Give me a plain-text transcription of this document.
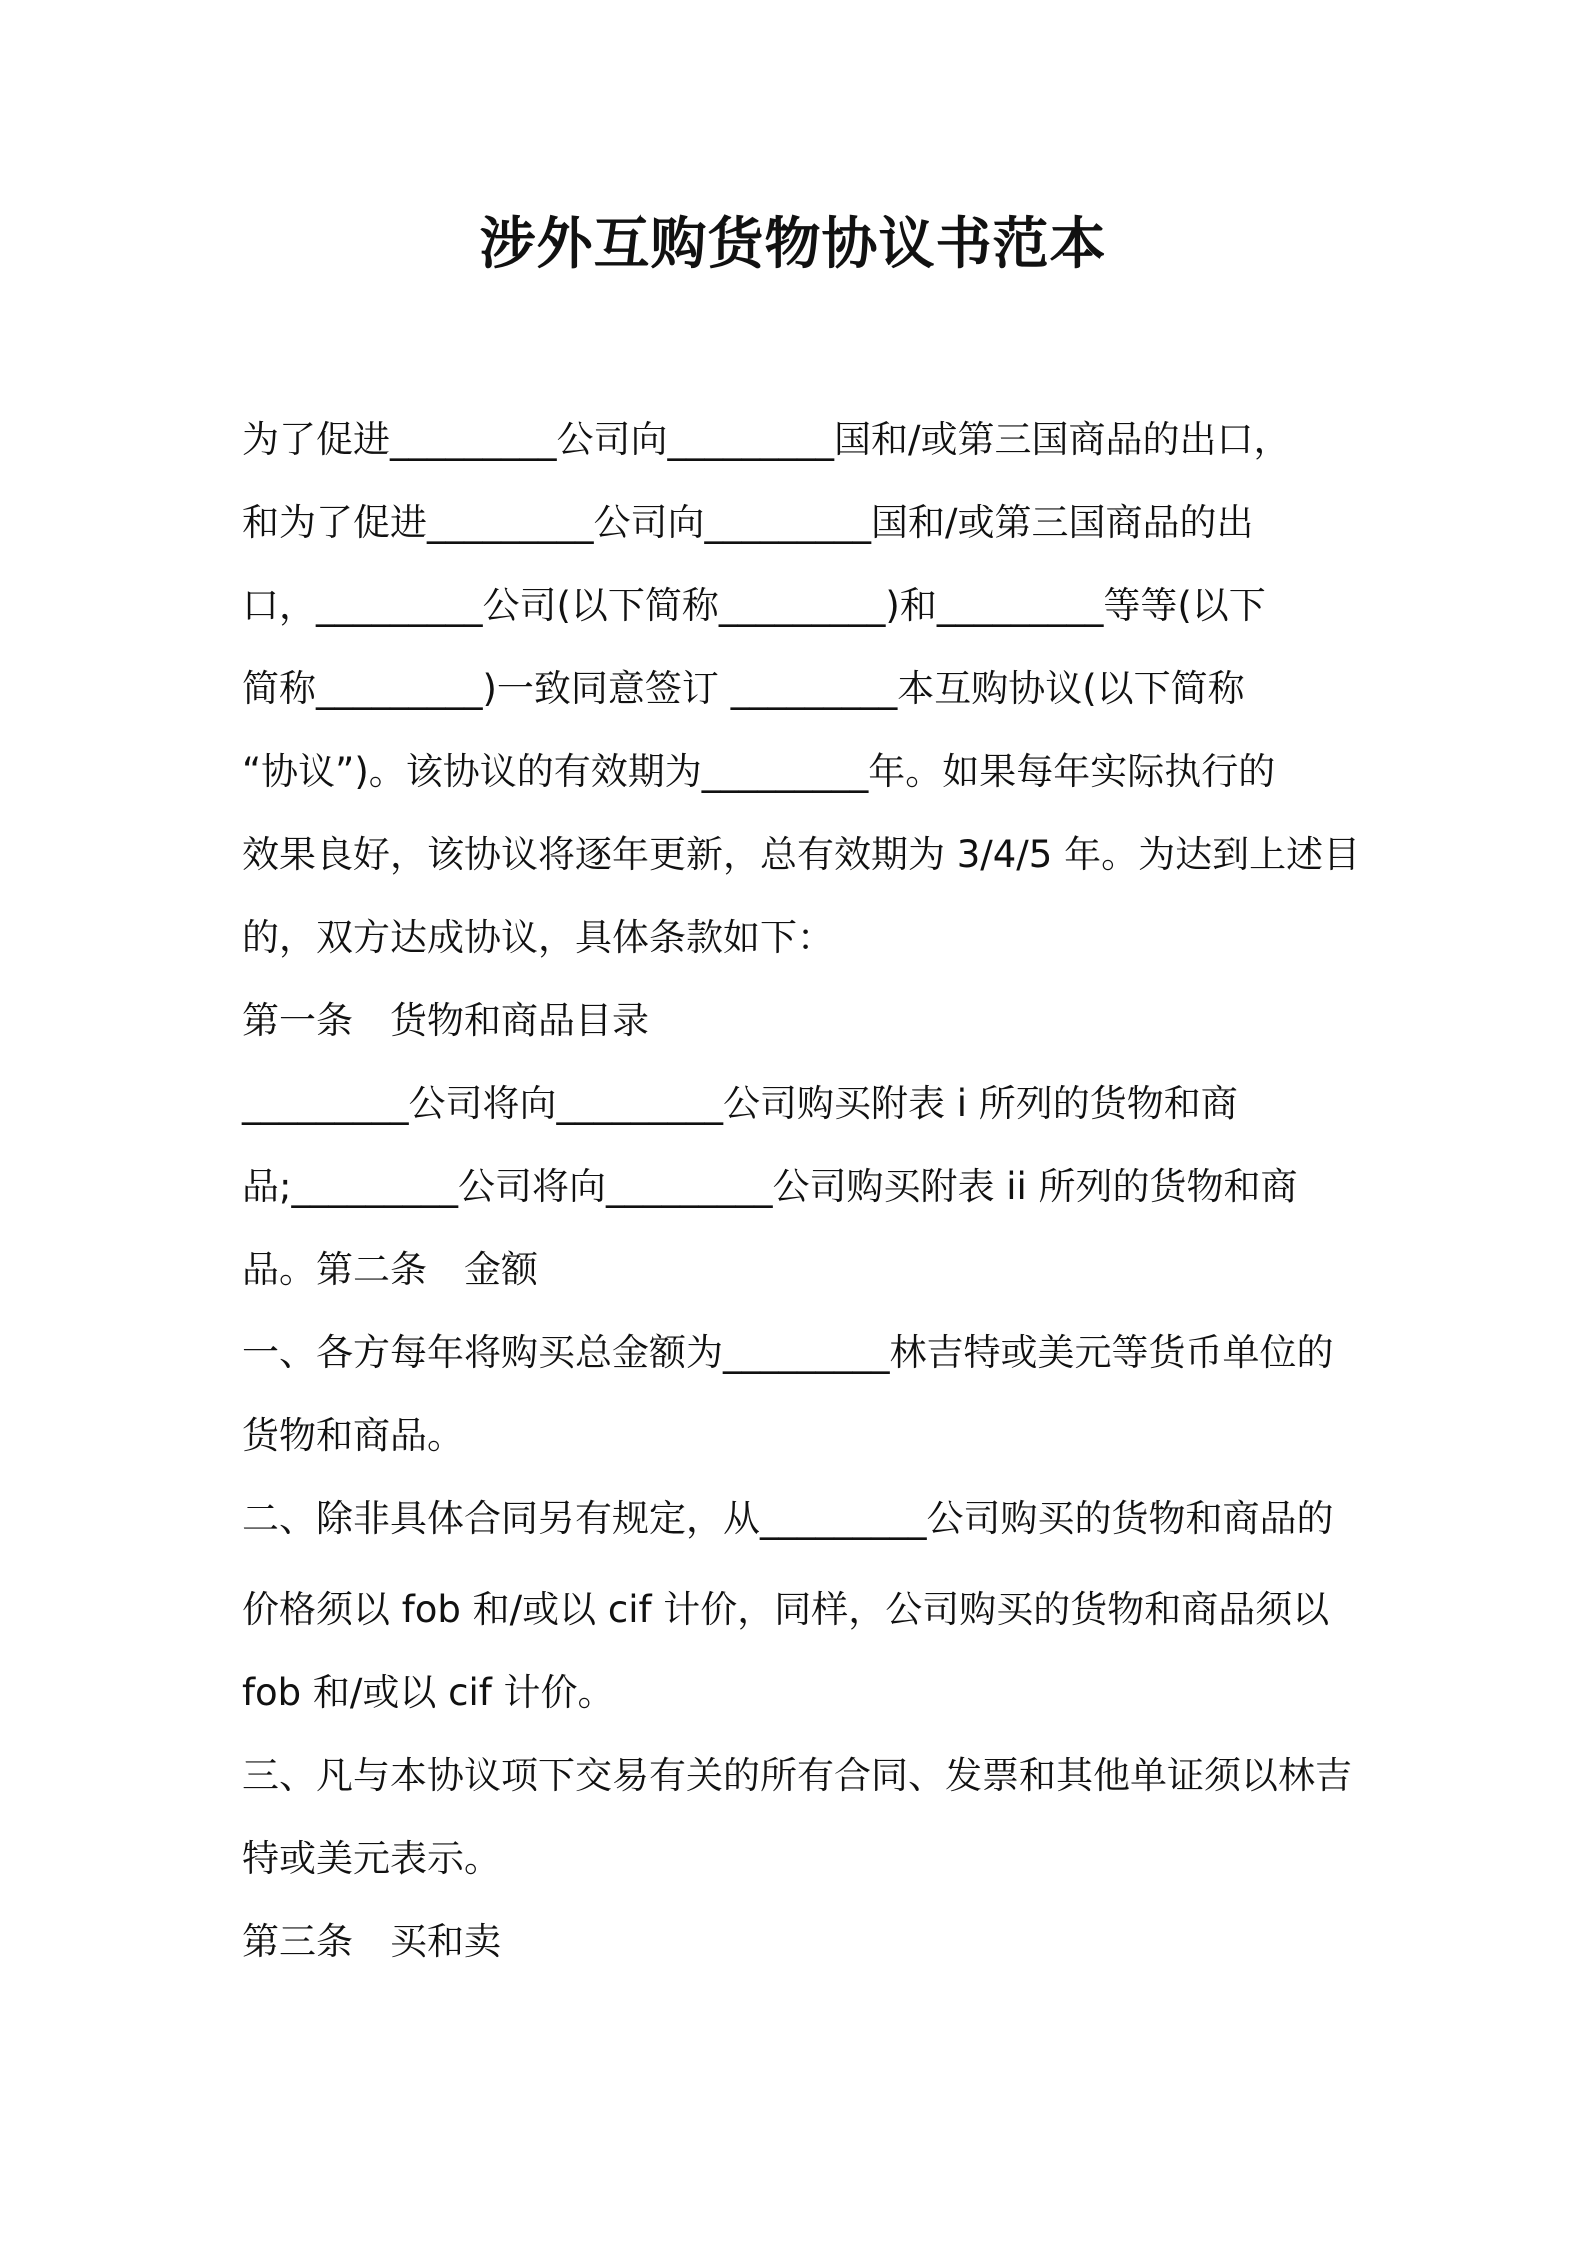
涉外互购货物协议书范本

为了促进_________公司向_________国和/或第三国商品的出口，

和为了促进_________公司向_________国和/或第三国商品的出

口，_________公司(以下简称_________)和_________等等(以下

简称_________)一致同意签订 _________本互购协议(以下简称

“协议”)。该协议的有效期为_________年。如果每年实际执行的

效果良好，该协议将逐年更新，总有效期为 3/4/5 年。为达到上述目

的，双方达成协议，具体条款如下：

第一条　货物和商品目录

_________公司将向_________公司购买附表 i 所列的货物和商

品;_________公司将向_________公司购买附表 ii 所列的货物和商

品。第二条　金额

一、各方每年将购买总金额为_________林吉特或美元等货币单位的

货物和商品。

二、除非具体合同另有规定，从_________公司购买的货物和商品的

价格须以 fob 和/或以 cif 计价，同样，公司购买的货物和商品须以

fob 和/或以 cif 计价。

三、凡与本协议项下交易有关的所有合同、发票和其他单证须以林吉

特或美元表示。

第三条　买和卖
